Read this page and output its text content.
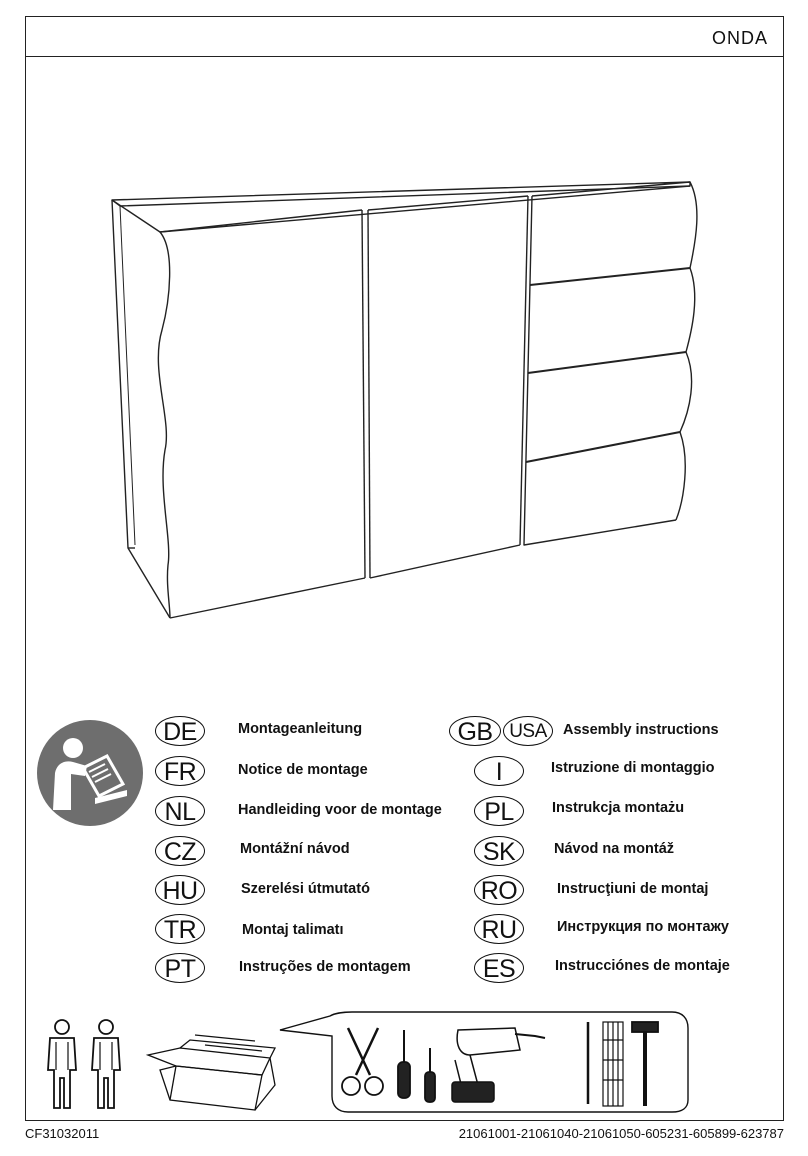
ONDA
DE	Montageanleitung
FR	Notice de montage
NL	Handleiding voor de montage
CZ	Montážní návod
HU	Szerelési útmutató
TR	Montaj talimatı
PT	Instruções de montagem
GB USA	Assembly instructions
I	Istruzione di montaggio
PL	Instrukcja montażu
SK	Návod na montáž
RO	Instrucţiuni de montaj
RU	Инструкция по монтажу
ES	Instrucciónes de montaje
CF31032011	21061001-21061040-21061050-605231-605899-623787
